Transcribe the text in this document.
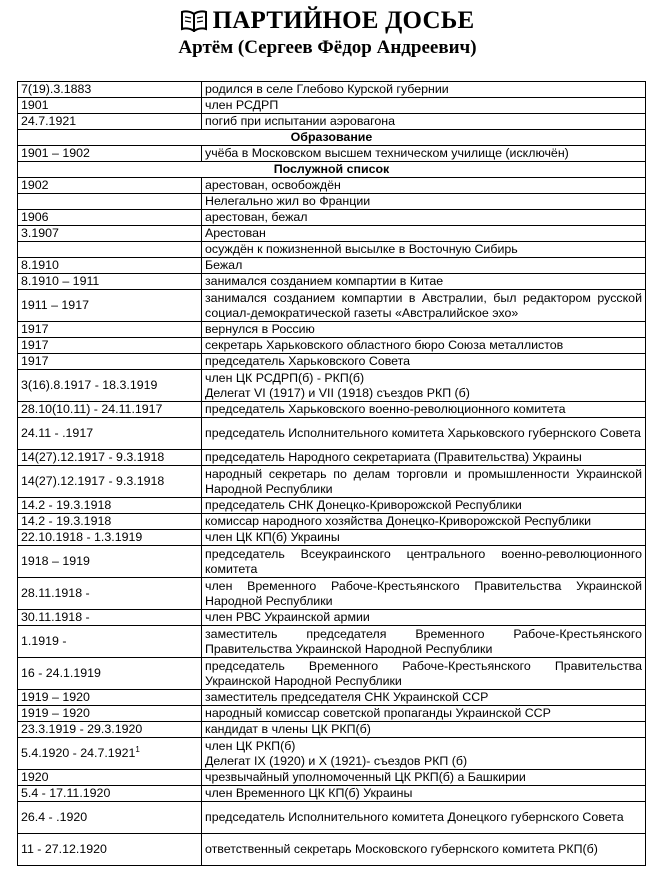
ПАРТИЙНОЕ ДОСЬЕ
Артём (Сергеев Фёдор Андреевич)
7(19).3.1883	родился в селе Глебово Курской губернии
1901	член РСДРП
24.7.1921	погиб при испытании аэровагона
Образование	
1901 – 1902	учёба в Московском высшем техническом училище (исключён)
Послужной список	
1902	арестован, освобождён
	Нелегально жил во Франции
1906	арестован, бежал
3.1907	Арестован
	осуждён к пожизненной высылке в Восточную Сибирь
8.1910	Бежал
8.1910 – 1911	занимался созданием компартии в Китае
1911 – 1917	занимался созданием компартии в Австралии, был редактором русской социал-демократической газеты «Австралийское эхо»
1917	вернулся в Россию
1917	секретарь Харьковского областного бюро Союза металлистов
1917	председатель Харьковского Совета
3(16).8.1917 - 18.3.1919	член ЦК РСДРП(б) - РКП(б)
Делегат VI (1917) и VII (1918) съездов РКП (б)
28.10(10.11) - 24.11.1917	председатель Харьковского военно-революционного комитета
24.11 - .1917	председатель Исполнительного комитета Харьковского губернского Совета
14(27).12.1917 - 9.3.1918	председатель Народного секретариата (Правительства) Украины
14(27).12.1917 - 9.3.1918	народный секретарь по делам торговли и промышленности Украинской Народной Республики
14.2 - 19.3.1918	председатель СНК Донецко-Криворожской Республики
14.2 - 19.3.1918	комиссар народного хозяйства Донецко-Криворожской Республики
22.10.1918 - 1.3.1919	член ЦК КП(б) Украины
1918 – 1919	председатель Всеукраинского центрального военно-революционного комитета
28.11.1918 -	член Временного Рабоче-Крестьянского Правительства Украинской Народной Республики
30.11.1918 -	член РВС Украинской армии
1.1919 -	заместитель председателя Временного Рабоче-Крестьянского Правительства Украинской Народной Республики
16 - 24.1.1919	председатель Временного Рабоче-Крестьянского Правительства Украинской Народной Республики
1919 – 1920	заместитель председателя СНК Украинской ССР
1919 – 1920	народный комиссар советской пропаганды Украинской ССР
23.3.1919 - 29.3.1920	кандидат в члены ЦК РКП(б)
5.4.1920 - 24.7.1921$^1$	член ЦК РКП(б)
Делегат IX (1920) и X (1921)- съездов РКП (б)
1920	чрезвычайный уполномоченный ЦК РКП(б) а Башкирии
5.4 - 17.11.1920	член Временного ЦК КП(б) Украины
26.4 - .1920	председатель Исполнительного комитета Донецкого губернского Совета
11 - 27.12.1920	ответственный секретарь Московского губернского комитета РКП(б)
